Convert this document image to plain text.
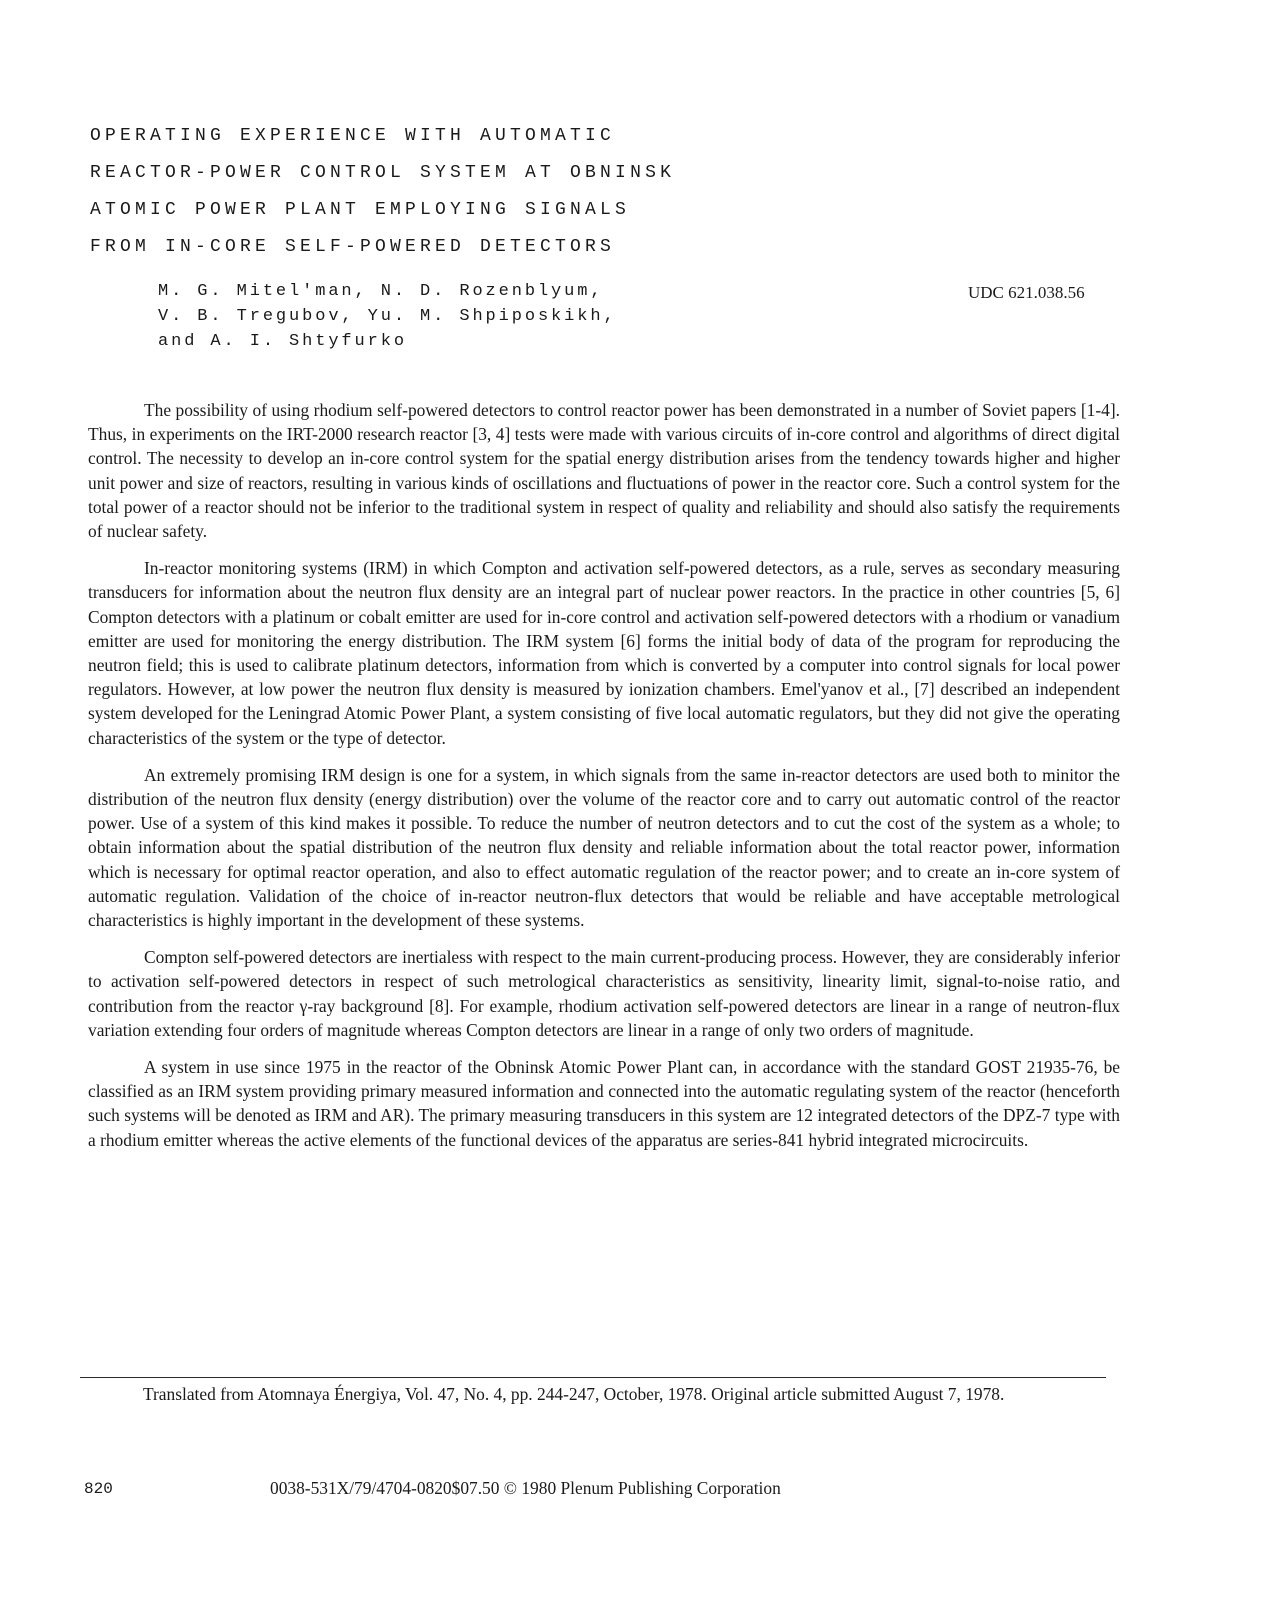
OPERATING EXPERIENCE WITH AUTOMATIC
REACTOR-POWER CONTROL SYSTEM AT OBNINSK
ATOMIC POWER PLANT EMPLOYING SIGNALS
FROM IN-CORE SELF-POWERED DETECTORS
M. G. Mitel'man, N. D. Rozenblyum,
V. B. Tregubov, Yu. M. Shpiposkikh,
and A. I. Shtyfurko
UDC 621.038.56

The possibility of using rhodium self-powered detectors to control reactor power has been demonstrated in a number of Soviet papers [1-4]. Thus, in experiments on the IRT-2000 research reactor [3, 4] tests were made with various circuits of in-core control and algorithms of direct digital control. The necessity to develop an in-core control system for the spatial energy distribution arises from the tendency towards higher and higher unit power and size of reactors, resulting in various kinds of oscillations and fluctuations of power in the reactor core. Such a control system for the total power of a reactor should not be inferior to the traditional system in respect of quality and reliability and should also satisfy the requirements of nuclear safety.

In-reactor monitoring systems (IRM) in which Compton and activation self-powered detectors, as a rule, serves as secondary measuring transducers for information about the neutron flux density are an integral part of nuclear power reactors. In the practice in other countries [5, 6] Compton detectors with a platinum or cobalt emitter are used for in-core control and activation self-powered detectors with a rhodium or vanadium emitter are used for monitoring the energy distribution. The IRM system [6] forms the initial body of data of the program for reproducing the neutron field; this is used to calibrate platinum detectors, information from which is converted by a computer into control signals for local power regulators. However, at low power the neutron flux density is measured by ionization chambers. Emel'yanov et al., [7] described an independent system developed for the Leningrad Atomic Power Plant, a system consisting of five local automatic regulators, but they did not give the operating characteristics of the system or the type of detector.

An extremely promising IRM design is one for a system, in which signals from the same in-reactor detectors are used both to minitor the distribution of the neutron flux density (energy distribution) over the volume of the reactor core and to carry out automatic control of the reactor power. Use of a system of this kind makes it possible. To reduce the number of neutron detectors and to cut the cost of the system as a whole; to obtain information about the spatial distribution of the neutron flux density and reliable information about the total reactor power, information which is necessary for optimal reactor operation, and also to effect automatic regulation of the reactor power; and to create an in-core system of automatic regulation. Validation of the choice of in-reactor neutron-flux detectors that would be reliable and have acceptable metrological characteristics is highly important in the development of these systems.

Compton self-powered detectors are inertialess with respect to the main current-producing process. However, they are considerably inferior to activation self-powered detectors in respect of such metrological characteristics as sensitivity, linearity limit, signal-to-noise ratio, and contribution from the reactor γ-ray background [8]. For example, rhodium activation self-powered detectors are linear in a range of neutron-flux variation extending four orders of magnitude whereas Compton detectors are linear in a range of only two orders of magnitude.

A system in use since 1975 in the reactor of the Obninsk Atomic Power Plant can, in accordance with the standard GOST 21935-76, be classified as an IRM system providing primary measured information and connected into the automatic regulating system of the reactor (henceforth such systems will be denoted as IRM and AR). The primary measuring transducers in this system are 12 integrated detectors of the DPZ-7 type with a rhodium emitter whereas the active elements of the functional devices of the apparatus are series-841 hybrid integrated microcircuits.

Translated from Atomnaya Énergiya, Vol. 47, No. 4, pp. 244-247, October, 1978. Original article submitted August 7, 1978.

820	0038-531X/79/4704-0820$07.50 © 1980 Plenum Publishing Corporation
